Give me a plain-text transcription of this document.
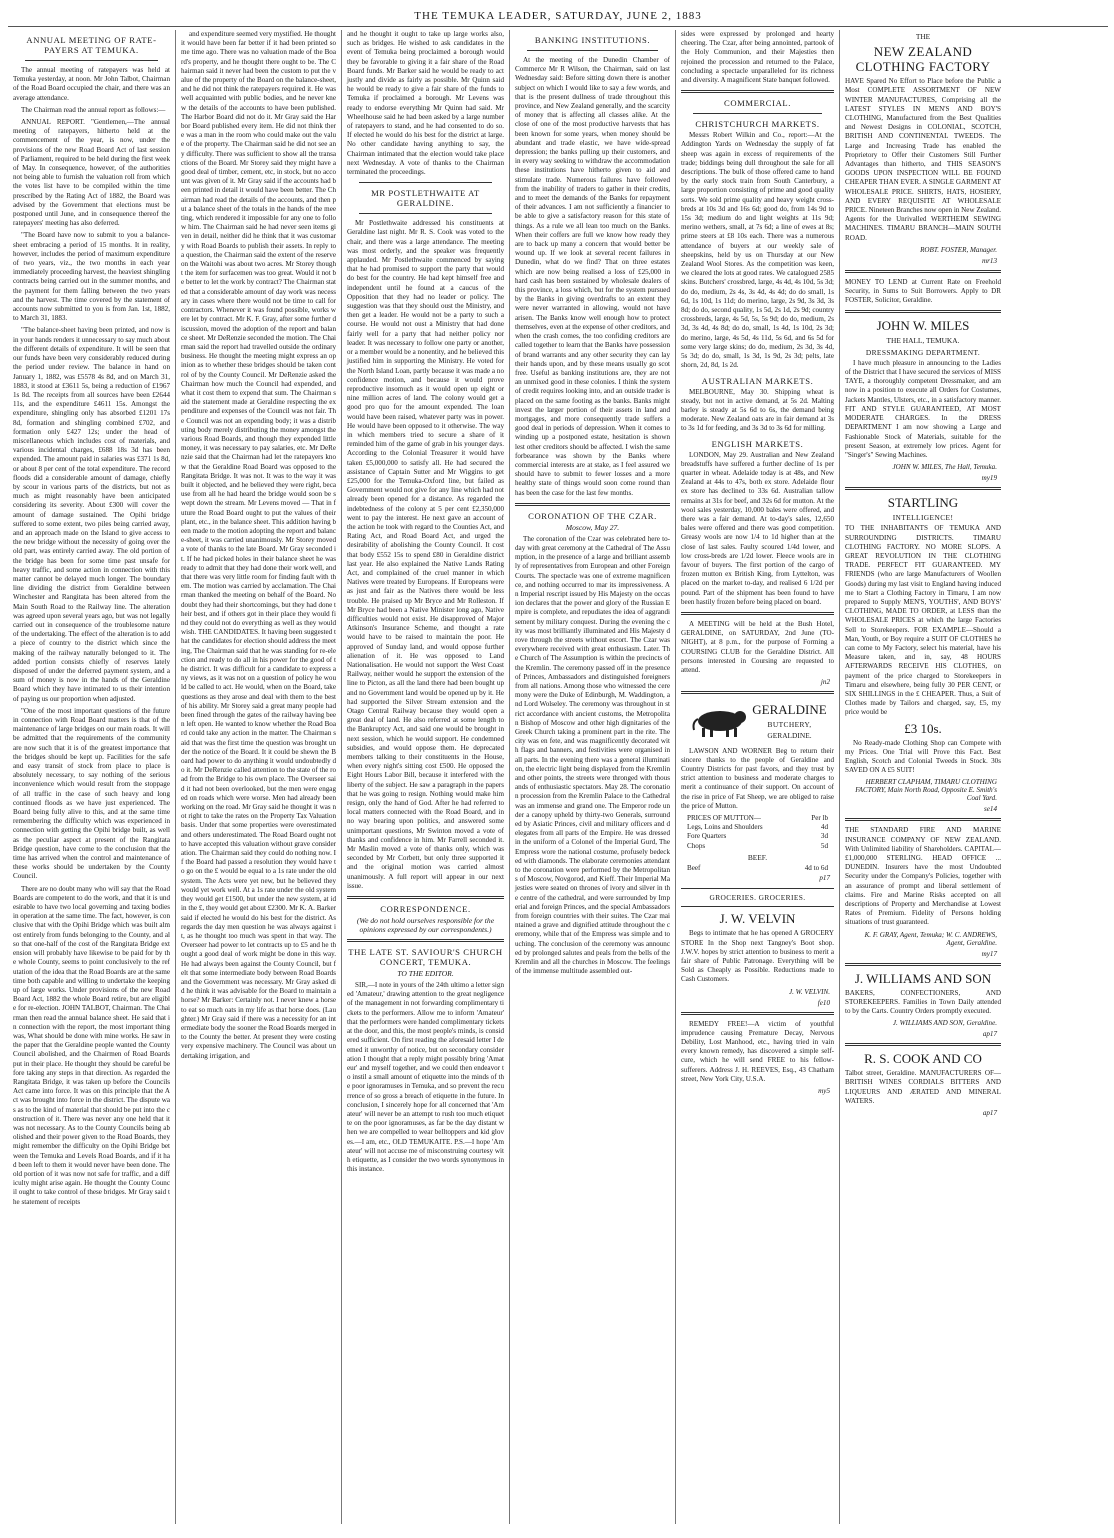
THE TEMUKA LEADER, SATURDAY, JUNE 2, 1883
ANNUAL MEETING OF RATE-PAYERS AT TEMUKA.

The annual meeting of ratepayers was held at Temuka yesterday, at noon. Mr John Talbot, Chairman of the Road Board occupied the chair, and there was an average attendance.

The Chairman read the annual report as follows:—

ANNUAL REPORT. "Gentlemen,—The annual meeting of ratepayers, hitherto held at the commencement of the year, is now, under the provisions of the new Road Board Act of last session of Parliament, required to be held during the first week of May. In consequence, however, of the authorities not being able to furnish the valuation roll from which the votes list have to be compiled within the time prescribed by the Rating Act of 1882, the Board was advised by the Government that elections must be postponed until June, and in consequence thereof the ratepayers' meeting has also deferred.

"The Board have now to submit to you a balance-sheet embracing a period of 15 months. It in reality, however, includes the period of maximum expenditure of two years, viz., the two months in each year immediately proceeding harvest, the heaviest shingling contracts being carried out in the summer months, and the payment for them falling between the two years and the harvest. The time covered by the statement of accounts now submitted to you is from Jan. 1st, 1882, to March 31, 1883.

"The balance-sheet having been printed, and now is in your hands renders it unnecessary to say much about the different details of expenditure. It will be seen that our funds have been very considerably reduced during the period under review. The balance in hand on January 1, 1882, was £5578 4s 8d, and on March 31, 1883, it stood at £3611 5s, being a reduction of £1967 1s 8d. The receipts from all sources have been £2644 11s, and the expenditure £4611 15s. Amongst the expenditure, shingling only has absorbed £1201 17s 8d, formation and shingling combined £702, and formation only £427 12s; under the head of miscellaneous which includes cost of materials, and various incidental charges, £688 18s 3d has been expended. The amount paid in salaries was £371 1s 8d, or about 8 per cent of the total expenditure. The record floods did a considerable amount of damage, chiefly by scour in various parts of the districts, but not as much as might reasonably have been anticipated considering its severity. About £300 will cover the amount of damage sustained. The Opihi bridge suffered to some extent, two piles being carried away, and an approach made on the Island to give access to the new bridge without the necessity of going over the old part, was entirely carried away. The old portion of the bridge has been for some time past unsafe for heavy traffic, and some action in connection with this matter cannot be delayed much longer. The boundary line dividing the district from Geraldine between Winchester and Rangitata has been altered from the Main South Road to the Railway line. The alteration was agreed upon several years ago, but was not legally carried out in consequence of the troublesome nature of the undertaking. The effect of the alteration is to add a piece of country to the district which since the making of the railway naturally belonged to it. The added portion consists chiefly of reserves lately disposed of under the deferred payment system, and a sum of money is now in the hands of the Geraldine Board which they have intimated to us their intention of paying us our proportion when adjusted.

"One of the most important questions of the future in connection with Road Board matters is that of the maintenance of large bridges on our main roads. It will be admitted that the requirements of the community are now such that it is of the greatest importance that the bridges should be kept up. Facilities for the safe and easy transit of stock from place to place is absolutely necessary, to say nothing of the serious inconvenience which would result from the stoppage of all traffic in the case of such heavy and long continued floods as we have just experienced. The Board being fully alive to this, and at the same time remembering the difficulty which was experienced in connection with getting the Opihi bridge built, as well as the peculiar aspect at present of the Rangitata Bridge question, have come to the conclusion that the time has arrived when the control and maintenance of these works should be undertaken by the County Council.

There are no doubt many who will say that the Road Boards are competent to do the work, and that it is undesirable to have two local governing and taxing bodies in operation at the same time. The fact, however, is conclusive that with the Opihi Bridge which was built almost entirely from funds belonging to the County, and also that one-half of the cost of the Rangitata Bridge extension will probably have likewise to be paid for by the whole County, seems to point conclusively to the refutation of the idea that the Road Boards are at the same time both capable and willing to undertake the keeping up of large works. Under provisions of the new Road Board Act, 1882 the whole Board retire, but are eligible for re-election. JOHN TALBOT, Chairman. The Chairman then read the annual balance sheet. He said that in connection with the report, the most important thing was, What should be done with mine works. He saw in the paper that the Geraldine people wanted the County Council abolished, and the Chairmen of Road Boards put in their place. He thought they should be careful before taking any steps in that direction. As regarded the Rangitata Bridge, it was taken up before the Councils Act came into force. It was on this principle that the Act was brought into force in the district. The dispute was as to the kind of material that should be put into the construction of it. There was never any one held that it was not necessary. As to the County Councils being abolished and their power given to the Road Boards, they might remember the difficulty on the Opihi Bridge between the Temuka and Levels Road Boards, and if it had been left to them it would never have been done. The old portion of it was now not safe for traffic, and a difficulty might arise again. He thought the County Council ought to take control of these bridges. Mr Gray said the statement of receipts

and expenditure seemed very mystified. He thought it would have been far better if it had been printed some time ago. There was no valuation made of the Board's property, and he thought there ought to be. The Chairman said it never had been the custom to put the value of the property of the Board on the balance-sheet, and he did not think the ratepayers required it. He was well acquainted with public bodies, and he never knew the details of the accounts to have been published. The Harbor Board did not do it. Mr Gray said the Harbor Board published every item. He did not think there was a man in the room who could make out the value of the property. The Chairman said he did not see any difficulty. There was sufficient to show all the transactions of the Board. Mr Storey said they might have a good deal of timber, cement, etc, in stock, but no account was given of it. Mr Gray said if the accounts had been printed in detail it would have been better. The Chairman had read the details of the accounts, and then put a balance sheet of the totals in the hands of the meeting, which rendered it impossible for any one to follow him. The Chairman said he had never seen items given in detail, neither did he think that it was customary with Road Boards to publish their assets. In reply to a question, the Chairman said the extent of the reserve on the Waitohi was about two acres. Mr Storey thought the item for surfacemen was too great. Would it not be better to let the work by contract? The Chairman stated that a considerable amount of day work was necessary in cases where there would not be time to call for contractors. Whenever it was found possible, works were let by contract. Mr K. F. Gray, after some further discussion, moved the adoption of the report and balance sheet. Mr DeRenzie seconded the motion. The Chairman said the report had travelled outside the ordinary business. He thought the meeting might express an opinion as to whether these bridges should be taken control of by the County Council. Mr DeRenzie asked the Chairman how much the Council had expended, and what it cost them to expend that sum. The Chairman said the statement made at Geraldine respecting the expenditure and expenses of the Council was not fair. The Council was not an expending body; it was a distributing body merely distributing the money amongst the various Road Boards, and though they expended little money, it was necessary to pay salaries, etc. Mr DeRenzie said that the Chairman had let the ratepayers know that the Geraldine Road Board was opposed to the Rangitata Bridge. It was not. It was to the way it was built it objected, and he believed they were right, because from all he had heard the bridge would soon be swept down the stream. Mr Levens moved — That in future the Road Board ought to put the values of their plant, etc., in the balance sheet. This addition having been made to the motion adopting the report and balance-sheet, it was carried unanimously. Mr Storey moved a vote of thanks to the late Board. Mr Gray seconded it. If he had picked holes in their balance sheet he was ready to admit that they had done their work well, and that there was very little room for finding fault with them. The motion was carried by acclamation. The Chairman thanked the meeting on behalf of the Board. No doubt they had their shortcomings, but they had done their best, and if others got in their place they would find they could not do everything as well as they would wish. THE CANDIDATES. It having been suggested that the candidates for election should address the meeting, The Chairman said that he was standing for re-election and ready to do all in his power for the good of the district. It was difficult for a candidate to express any views, as it was not on a question of policy he would be called to act. He would, when on the Board, take questions as they arose and deal with them to the best of his ability. Mr Storey said a great many people had been fined through the gates of the railway having been left open. He wanted to know whether the Road Board could take any action in the matter. The Chairman said that was the first time the question was brought under the notice of the Board. It it could be shewn the Board had power to do anything it would undoubtedly do it. Mr DeRenzie called attention to the state of the road from the Bridge to his own place. The Overseer said it had not been overlooked, but the men were engaged on roads which were worse. Men had already been working on the road. Mr Gray said he thought it was not right to take the rates on the Property Tax Valuation basis. Under that some properties were overestimated and others underestimated. The Road Board ought not to have accepted this valuation without grave consideration. The Chairman said they could do nothing now. If the Board had passed a resolution they would have to go on the £ would be equal to a 1s rate under the old system. The Acts were yet new, but he believed they would yet work well. At a 1s rate under the old system they would get £1500, but under the new system, at id in the £, they would get about £2300. Mr K. A. Barker said if elected he would do his best for the district. As regards the day men question he was always against it, as he thought too much was spent in that way. The Overseer had power to let contracts up to £5 and he thought a good deal of work might be done in this way. He had always been against the County Council, but felt that some intermediate body between Road Boards and the Government was necessary. Mr Gray asked did he think it was advisable for the Board to maintain a horse? Mr Barker: Certainly not. I never knew a horse to eat so much oats in my life as that horse does. (Laughter.) Mr Gray said if there was a necessity for an intermediate body the sooner the Road Boards merged into the County the better. At present they were costing very expensive machinery. The Council was about undertaking irrigation, and

and he thought it ought to take up large works also, such as bridges. He wished to ask candidates in the event of Temuka being proclaimed a borough would they be favorable to giving it a fair share of the Road Board funds. Mr Barker said he would be ready to act justly and divide as fairly as possible. Mr Quinn said he would be ready to give a fair share of the funds to Temuka if proclaimed a borough. Mr Levens was ready to endorse everything Mr Quinn had said. Mr Wheelhouse said he had been asked by a large number of ratepayers to stand, and he had consented to do so. If elected he would do his best for the district at large. No other candidate having anything to say, the Chairman intimated that the election would take place next Wednesday. A vote of thanks to the Chairman terminated the proceedings.

MR POSTLETHWAITE AT GERALDINE.

Mr Postlethwaite addressed his constituents at Geraldine last night. Mr R. S. Cook was voted to the chair, and there was a large attendance. The meeting was most orderly, and the speaker was frequently applauded. Mr Postlethwaite commenced by saying that he had promised to support the party that would do best for the country. He had kept himself free and independent until he found at a caucus of the Opposition that they had no leader or policy. The suggestion was that they should oust the Ministry, and then get a leader. He would not be a party to such a course. He would not oust a Ministry that had done fairly well for a party that had neither policy nor leader. It was necessary to follow one party or another, or a member would be a nonentity, and he believed this justified him in supporting the Ministry. He voted for the North Island Loan, partly because it was made a no confidence motion, and because it would prove reproductive insomuch as it would open up eight or nine million acres of land. The colony would get a good pro quo for the amount expended. The loan would have been raised, whatever party was in power. He would have been opposed to it otherwise. The way in which members tried to secure a share of it reminded him of the game of grab in his younger days. According to the Colonial Treasurer it would have taken £5,000,000 to satisfy all. He had secured the assistance of Captain Sutter and Mr Wiggins to get £25,000 for the Temuka-Oxford line, but failed as Government would not give for any line which had not already been opened for a distance. As regarded the indebtedness of the colony at 5 per cent £2,350,000 went to pay the interest. He next gave an account of the action he took with regard to the Counties Act, and Rating Act, and Road Board Act, and urged the desirability of abolishing the County Council. It cost that body £552 15s to spend £80 in Geraldine district last year. He also explained the Native Lands Rating Act, and complained of the cruel manner in which Natives were treated by Europeans. If Europeans were as just and fair as the Natives there would be less trouble. He praised up Mr Bryce and Mr Rolleston. If Mr Bryce had been a Native Minister long ago, Native difficulties would not exist. He disapproved of Major Atkinson's Insurance Scheme, and thought a rate would have to be raised to maintain the poor. He approved of Sunday land, and would oppose further alienation of it. He was opposed to Land Nationalisation. He would not support the West Coast Railway, neither would he support the extension of the line to Picton, as all the land there had been bought up and no Government land would be opened up by it. He had supported the Silver Stream extension and the Otago Central Railway because they would open a great deal of land. He also referred at some length to the Bankruptcy Act, and said one would be brought in next session, which he would support. He condemned subsidies, and would oppose them. He deprecated members talking to their constituents in the House, when every night's sitting cost £500. He opposed the Eight Hours Labor Bill, because it interfered with the liberty of the subject. He saw a paragraph in the papers that he was going to resign. Nothing would make him resign, only the hand of God. After he had referred to local matters connected with the Road Board, and in no way bearing upon politics, and answered some unimportant questions, Mr Swinton moved a vote of thanks and confidence in him. Mr Farrell seconded it. Mr Maslin moved a vote of thanks only, which was seconded by Mr Corbett, but only three supported it and the original motion was carried almost unanimously. A full report will appear in our next issue.

CORRESPONDENCE.
(We do not hold ourselves responsible for the opinions expressed by our correspondents.)
THE LATE ST. SAVIOUR'S CHURCH CONCERT, TEMUKA.
TO THE EDITOR.

SIR,—I note in yours of the 24th ultimo a letter signed 'Amateur,' drawing attention to the great negligence of the management in not forwarding complimentary tickets to the performers. Allow me to inform 'Amateur' that the performers were handed complimentary tickets at the door, and this, the most people's minds, is considered sufficient. On first reading the aforesaid letter I deemed it unworthy of notice, but on secondary consideration I thought that a reply might possibly bring 'Amateur' and myself together, and we could then endeavor to instil a small amount of etiquette into the minds of the poor ignoramuses in Temuka, and so prevent the recurrence of so gross a breach of etiquette in the future. In conclusion, I sincerely hope for all concerned that 'Amateur' will never be an attempt to rush too much etiquette on the poor ignoramuses, as far be the day distant when we are compelled to wear belltoppers and kid gloves.—I am, etc., OLD TEMUKAITE. P.S.—I hope 'Amateur' will not accuse me of misconstruing courtesy with etiquette, as I consider the two words synonymous in this instance.

BANKING INSTITUTIONS.

At the meeting of the Dunedin Chamber of Commerce Mr R Wilson, the Chairman, said on last Wednesday said: Before sitting down there is another subject on which I would like to say a few words, and that is the present dullness of trade throughout this province, and New Zealand generally, and the scarcity of money that is affecting all classes alike. At the close of one of the most productive harvests that has been known for some years, when money should be abundant and trade elastic, we have wide-spread depression; the banks pulling up their customers, and in every way seeking to withdraw the accommodation these institutions have hitherto given to aid and stimulate trade. Numerous failures have followed from the inability of traders to gather in their credits, and to meet the demands of the Banks for repayment of their advances. I am not sufficiently a financier to be able to give a satisfactory reason for this state of things. As a rule we all lean too much on the Banks. When their coffers are full we know how ready they are to back up many a concern that would better be wound up. If we look at several recent failures in Dunedin, what do we find? That on three estates which are now being realised a loss of £25,000 in hard cash has been sustained by wholesale dealers of this province, a loss which, but for the system pursued by the Banks in giving overdrafts to an extent they were never warranted in allowing, would not have arisen. The Banks know well enough how to protect themselves, even at the expense of other creditors, and when the crash comes, the too confiding creditors are called together to learn that the Banks have possession of brand warrants and any other security they can lay their hands upon, and by these means usually go scot free. Useful as banking institutions are, they are not an unmixed good in these colonies. I think the system of credit requires looking into, and an outside trader is placed on the same footing as the banks. Banks might invest the larger portion of their assets in land and mortgages, and more consequently trade suffers a good deal in periods of depression. When it comes to winding up a postponed estate, hesitation is shown lest other creditors should be affected. I wish the same forbearance was shown by the Banks where commercial interests are at stake, as I feel assured we should have to submit to fewer losses and a more healthy state of things would soon come round than has been the case for the last few months.

CORONATION OF THE CZAR.
Moscow, May 27.

The coronation of the Czar was celebrated here to-day with great ceremony at the Cathedral of The Assumption, in the presence of a large and brilliant assembly of representatives from European and other Foreign Courts. The spectacle was one of extreme magnificence, and nothing occurred to mar its impressiveness. An Imperial rescript issued by His Majesty on the occasion declares that the power and glory of the Russian Empire is complete, and repudiates the idea of aggrandisement by military conquest. During the evening the city was most brilliantly illuminated and His Majesty drove through the streets without escort. The Czar was everywhere received with great enthusiasm. Later. The Church of The Assumption is within the precincts of the Kremlin. The ceremony passed off in the presence of Princes, Ambassadors and distinguished foreigners from all nations. Among those who witnessed the ceremony were the Duke of Edinburgh, M. Waddington, and Lord Wolseley. The ceremony was throughout in strict accordance with ancient customs, the Metropolitan Bishop of Moscow and other high dignitaries of the Greek Church taking a prominent part in the rite. The city was en fete, and was magnificently decorated with flags and banners, and festivities were organised in all parts. In the evening there was a general illumination, the electric light being displayed from the Kremlin and other points, the streets were thronged with thousands of enthusiastic spectators. May 28. The coronation procession from the Kremlin Palace to the Cathedral was an immense and grand one. The Emperor rode under a canopy upheld by thirty-two Generals, surrounded by Asiatic Princes, civil and military officers and delegates from all parts of the Empire. He was dressed in the uniform of a Colonel of the Imperial Gurd, The Empress wore the national costume, profusely bedecked with diamonds. The elaborate ceremonies attendant to the coronation were performed by the Metropolitans of Moscow, Novgorod, and Kieff. Their Imperial Majesties were seated on thrones of ivory and silver in the centre of the cathedral, and were surrounded by Imperial and foreign Princes, and the special Ambassadors from foreign countries with their suites. The Czar maintained a grave and dignified attitude throughout the ceremony, while that of the Empress was simple and touching. The conclusion of the ceremony was announced by prolonged salutes and peals from the bells of the Kremlin and all the churches in Moscow. The feelings of the immense multitude assembled out-

sides were expressed by prolonged and hearty cheering. The Czar, after being annointed, partook of the Holy Communion, and their Majesties then rejoined the procession and returned to the Palace, concluding a spectacle unparalleled for its richness and diversity. A magnificent State banquet followed.

COMMERCIAL.
CHRISTCHURCH MARKETS.

Messrs Robert Wilkin and Co., report:—At the Addington Yards on Wednesday the supply of fat sheep was again in excess of requirements of the trade; biddings being dull throughout the sale for all descriptions. The bulk of those offered came to hand by the early stock train from South Canterbury, a large proportion consisting of prime and good quality sorts. We sold prime quality and heavy weight cross-breds at 10s 3d and 16s 6d; good do, from 14s 9d to 15s 3d; medium do and light weights at 11s 9d; merino wethers, small, at 7s 6d; a line of ewes at 8s; prime steers at £8 10s each. There was a numerous attendance of buyers at our weekly sale of sheepskins, held by us on Thursday at our New Zealand Wool Stores. As the competition was keen, we cleared the lots at good rates. We catalogued 2585 skins. Butchers' crossbred, large, 4s 4d, 4s 10d, 5s 3d; do do, medium, 2s 4s, 3s 4d, 4s 4d; do do small, 1s 6d, 1s 10d, 1s 11d; do merino, large, 2s 9d, 3s 3d, 3s 8d; do do, second quality, 1s 5d, 2s 1d, 2s 9d; country crossbreds, large, 4s 5d, 5s, 5s 9d; do do, medium, 2s 3d, 3s 4d, 4s 8d; do do, small, 1s 4d, 1s 10d, 2s 3d; do merino, large, 4s 5d, 4s 11d, 5s 6d, and 6s 5d for some very large skins; do do, medium, 2s 3d, 3s 4d, 5s 3d; do do, small, 1s 3d, 1s 9d, 2s 3d; pelts, late shorn, 2d, 8d, 1s 2d.

AUSTRALIAN MARKETS.

MELBOURNE, May 30. Shipping wheat is steady, but not in active demand, at 5s 2d. Malting barley is steady at 5s 6d to 6s, the demand being moderate. New Zealand oats are in fair demand at 3s to 3s 1d for feeding, and 3s 3d to 3s 6d for milling.

ENGLISH MARKETS.

LONDON, May 29. Australian and New Zealand breadstuffs have suffered a further decline of 1s per quarter in wheat. Adelaide today is at 48s, and New Zealand at 44s to 47s, both ex store. Adelaide flour ex store has declined to 33s 6d. Australian tallow remains at 31s for beef, and 32s 6d for mutton. At the wool sales yesterday, 10,000 bales were offered, and there was a fair demand. At to-day's sales, 12,650 bales were offered and there was good competition. Greasy wools are now 1/4 to 1d higher than at the close of last sales. Faulty scoured 1/4d lower, and low cross-breds are 1/2d lower. Fleece wools are in favour of buyers. The first portion of the cargo of frozen mutton ex British King, from Lyttelton, was placed on the market to-day, and realised 6 1/2d per pound. Part of the shipment has been found to have been hastily frozen before being placed on board.

A MEETING will be held at the Bush Hotel, GERALDINE, on SATURDAY, 2nd June (TO-NIGHT), at 8 p.m., for the purpose of Forming a COURSING CLUB for the Geraldine District. All persons interested in Coursing are requested to attend.

jn2
GERALDINE
BUTCHERY,
GERALDINE.

LAWSON AND WORNER Beg to return their sincere thanks to the people of Geraldine and Country Districts for past favors, and they trust by strict attention to business and moderate charges to merit a continuance of their support. On account of the rise in price of Fat Sheep, we are obliged to raise the price of Mutton.

PRICES OF MUTTON—	Per lb
Legs, Loins and Shoulders	4d
Fore Quarters	3d
Chops	5d
BEEF.
Beef	4d to 6d
p17
GROCERIES. GROCERIES.
J. W. VELVIN

Begs to intimate that he has opened A GROCERY STORE In the Shop next Tangney's Boot shop. J.W.V. hopes by strict attention to business to merit a fair share of Public Patronage. Everything will be Sold as Cheaply as Possible. Reductions made to Cash Customers.

J. W. VELVIN.
fe10

REMEDY FREE!—A victim of youthful imprudence causing Premature Decay, Nervous Debility, Lost Manhood, etc., having tried in vain every known remedy, has discovered a simple self-cure, which he will send FREE to his fellow-sufferers. Address J. H. REEVES, Esq., 43 Chatham street, New York City, U.S.A.

my5
THE
NEW ZEALAND CLOTHING FACTORY

HAVE Spared No Effort to Place before the Public a Most COMPLETE ASSORTMENT OF NEW WINTER MANUFACTURES, Comprising all the LATEST STYLES IN MEN'S AND BOY'S CLOTHING, Manufactured from the Best Qualities and Newest Designs in COLONIAL, SCOTCH, BRITISH AND CONTINENTAL TWEEDS. The Large and Increasing Trade has enabled the Proprietory to Offer their Customers Still Further Advantages than hitherto, and THIS SEASON'S GOODS UPON INSPECTION WILL BE FOUND CHEAPER THAN EVER. A SINGLE GARMENT AT WHOLESALE PRICE. SHIRTS, HATS, HOSIERY, AND EVERY REQUISITE AT WHOLESALE PRICE. Nineteen Branches now open in New Zealand. Agents for the Unrivalled WERTHEIM SEWING MACHINES. TIMARU BRANCH—MAIN SOUTH ROAD.

ROBT. FOSTER, Manager.
mr13

MONEY TO LEND at Current Rate on Freehold Security, in Sums to Suit Borrowers. Apply to DR FOSTER, Solicitor, Geraldine.

JOHN W. MILES
THE HALL, TEMUKA.
DRESSMAKING DEPARTMENT.

I have much pleasure in announcing to the Ladies of the District that I have secured the services of MISS TAYE, a thoroughly competent Dressmaker, and am now in a position to execute all Orders for Costumes, Jackets Mantles, Ulsters, etc., in a satisfactory manner. FIT AND STYLE GUARANTEED, AT MOST MODERATE CHARGES. In the DRESS DEPARTMENT I am now showing a Large and Fashionable Stock of Materials, suitable for the present Season, at extremely low prices. Agent for "Singer's" Sewing Machines.

JOHN W. MILES, The Hall, Temuka.
my19
STARTLING
INTELLIGENCE!

TO THE INHABITANTS OF TEMUKA AND SURROUNDING DISTRICTS. TIMARU CLOTHING FACTORY. NO MORE SLOPS. A GREAT REVOLUTION IN THE CLOTHING TRADE. PERFECT FIT GUARANTEED. MY FRIENDS (who are large Manufacturers of Woollen Goods) during my last visit to England having induced me to Start a Clothing Factory in Timaru, I am now prepared to Supply MEN'S, YOUTHS', AND BOYS' CLOTHING, MADE TO ORDER, at LESS than the WHOLESALE PRICES at which the large Factories Sell to Storekeepers. FOR EXAMPLE—Should a Man, Youth, or Boy require a SUIT OF CLOTHES he can come to My Factory, select his material, have his Measure taken, and in, say, 48 HOURS AFTERWARDS RECEIVE HIS CLOTHES, on payment of the price charged to Storekeepers in Timaru and elsewhere, being fully 30 PER CENT, or SIX SHILLINGS in the £ CHEAPER. Thus, a Suit of Clothes made by Tailors and charged, say, £5, my price would be

£3 10s.

No Ready-made Clothing Shop can Compete with my Prices. One Trial will Prove this Fact. Best English, Scotch and Colonial Tweeds in Stock. 30s SAVED ON A £5 SUIT!

HERBERT CLAPHAM, TIMARU CLOTHING FACTORY, Main North Road, Opposite E. Smith's Coal Yard.
se14

THE STANDARD FIRE AND MARINE INSURANCE COMPANY OF NEW ZEALAND. With Unlimited liability of Shareholders. CAPITAL—£1,000,000 STERLING. HEAD OFFICE ... DUNEDIN. Insurers have the most Undoubted Security under the Company's Policies, together with an assurance of prompt and liberal settlement of claims. Fire and Marine Risks accepted on all descriptions of Property and Merchandise at Lowest Rates of Premium. Fidelity of Persons holding situations of trust guaranteed.

K. F. GRAY, Agent, Temuka; W. C. ANDREWS, Agent, Geraldine.
my17
J. WILLIAMS AND SON

BAKERS, CONFECTIONERS, AND STOREKEEPERS. Families in Town Daily attended to by the Carts. Country Orders promptly executed.

J. WILLIAMS AND SON, Geraldine.
ap17
R. S. COOK AND CO

Talbot street, Geraldine. MANUFACTURERS OF— BRITISH WINES CORDIALS BITTERS AND LIQUEURS AND ÆRATED AND MINERAL WATERS.

ap17
